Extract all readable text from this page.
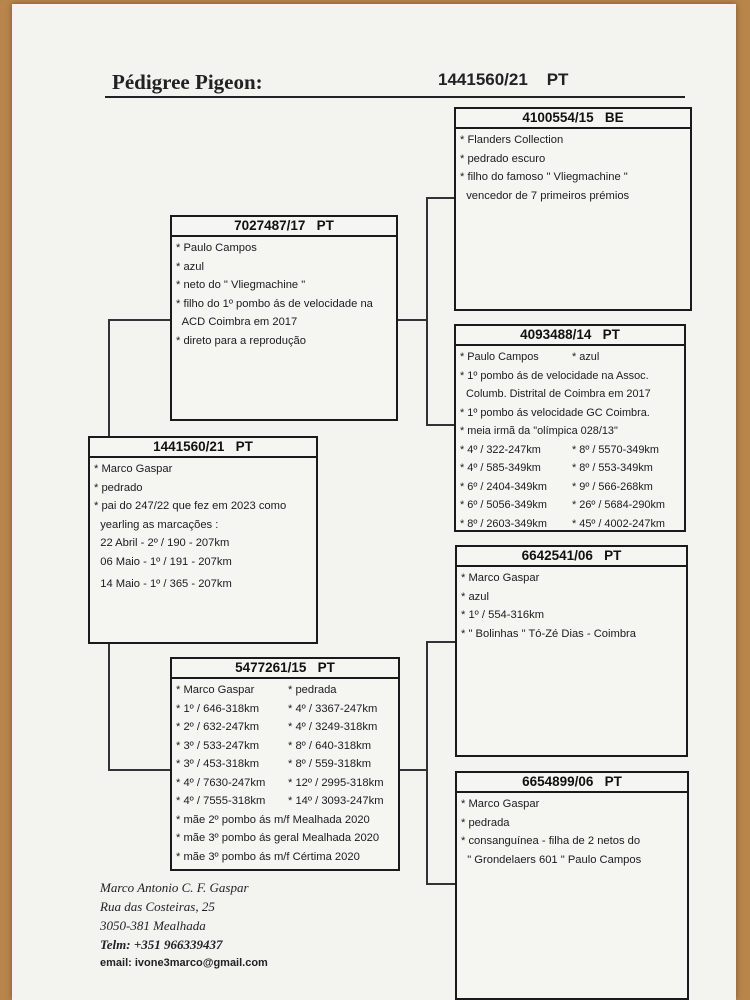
Pédigree Pigeon:	1441560/21    PT
7027487/17   PT
* Paulo Campos
* azul
* neto do " Vliegmachine "
* filho do 1º pombo ás de velocidade na
ACD Coimbra em 2017
* direto para a reprodução
1441560/21   PT
* Marco Gaspar
* pedrado
* pai do 247/22 que fez em 2023 como
yearling as marcações :
22 Abril - 2º / 190 - 207km
06 Maio - 1º / 191 - 207km
14 Maio - 1º / 365 - 207km
5477261/15   PT
* Marco Gaspar	* pedrada
* 1º / 646-318km	* 4º / 3367-247km
* 2º / 632-247km	* 4º / 3249-318km
* 3º / 533-247km	* 8º / 640-318km
* 3º / 453-318km	* 8º / 559-318km
* 4º / 7630-247km	* 12º / 2995-318km
* 4º / 7555-318km	* 14º / 3093-247km
* mãe 2º pombo ás m/f Mealhada 2020
* mãe 3º pombo ás geral Mealhada 2020
* mãe 3º pombo ás m/f Cértima 2020
4100554/15   BE
* Flanders Collection
* pedrado escuro
* filho do famoso " Vliegmachine "
vencedor de 7 primeiros prémios
4093488/14   PT
* Paulo Campos	* azul
* 1º pombo ás de velocidade na Assoc.
Columb. Distrital de Coimbra em 2017
* 1º pombo ás velocidade GC Coimbra.
* meia irmã da "olímpica 028/13"
* 4º / 322-247km	* 8º / 5570-349km
* 4º / 585-349km	* 8º / 553-349km
* 6º / 2404-349km	* 9º / 566-268km
* 6º / 5056-349km	* 26º / 5684-290km
* 8º / 2603-349km	* 45º / 4002-247km
6642541/06   PT
* Marco Gaspar
* azul
* 1º / 554-316km
* " Bolinhas " Tó-Zé Dias - Coimbra
6654899/06   PT
* Marco Gaspar
* pedrada
* consanguínea - filha de 2 netos do
" Grondelaers 601 " Paulo Campos
Marco Antonio C. F. Gaspar
Rua das Costeiras, 25
3050-381 Mealhada
Telm: +351 966339437
email: ivone3marco@gmail.com
